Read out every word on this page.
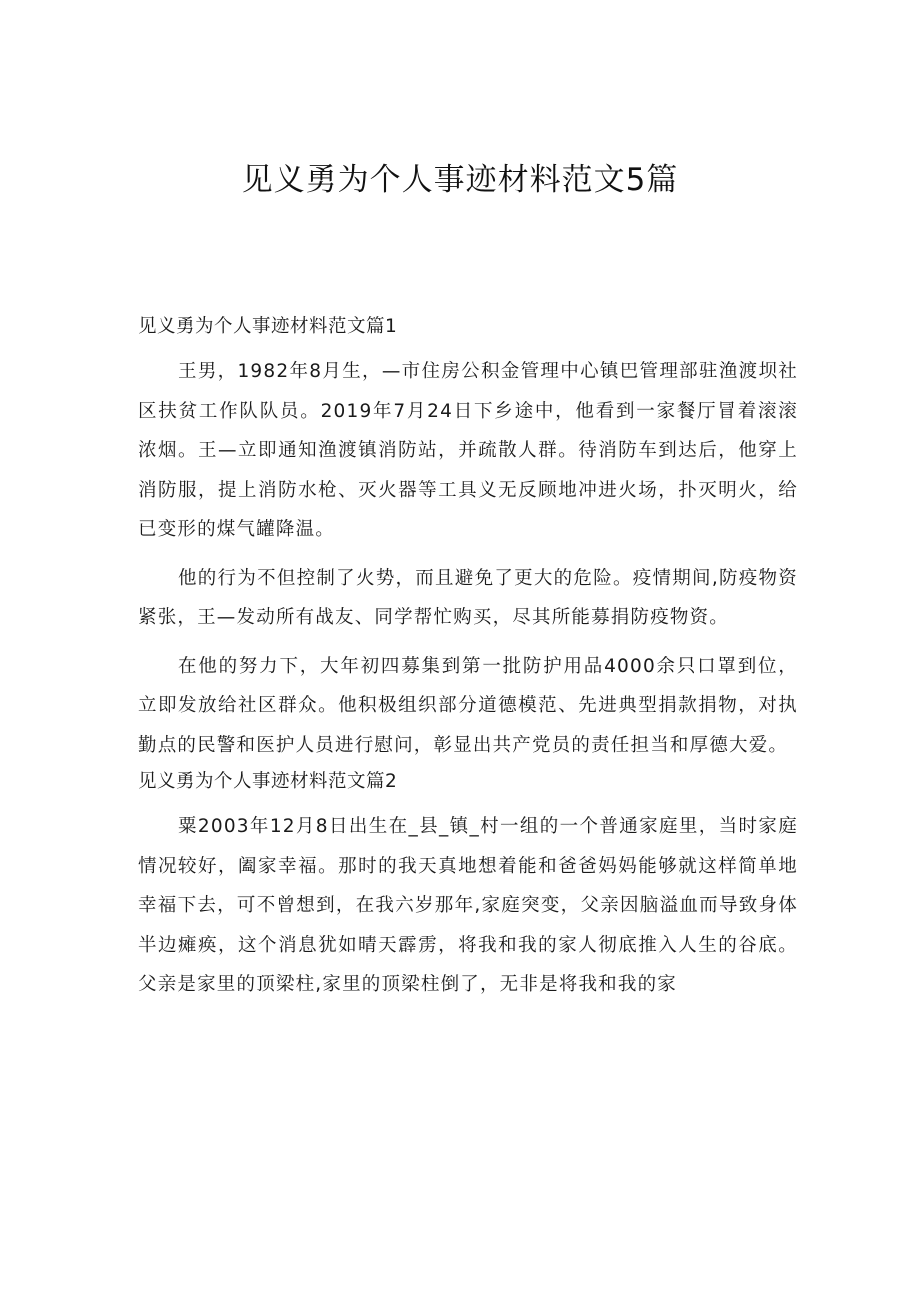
见义勇为个人事迹材料范文5篇

见义勇为个人事迹材料范文篇1

王男，1982年8月生，—市住房公积金管理中心镇巴管理部驻渔渡坝社区扶贫工作队队员。2019年7月24日下乡途中，他看到一家餐厅冒着滚滚浓烟。王—立即通知渔渡镇消防站，并疏散人群。待消防车到达后，他穿上消防服，提上消防水枪、灭火器等工具义无反顾地冲进火场，扑灭明火，给已变形的煤气罐降温。

他的行为不但控制了火势，而且避免了更大的危险。疫情期间,防疫物资紧张，王—发动所有战友、同学帮忙购买，尽其所能募捐防疫物资。

在他的努力下，大年初四募集到第一批防护用品4000余只口罩到位，立即发放给社区群众。他积极组织部分道德模范、先进典型捐款捐物，对执勤点的民警和医护人员进行慰问，彰显出共产党员的责任担当和厚德大爱。

见义勇为个人事迹材料范文篇2

粟2003年12月8日出生在_县_镇_村一组的一个普通家庭里，当时家庭情况较好，阖家幸福。那时的我天真地想着能和爸爸妈妈能够就这样简单地幸福下去，可不曾想到，在我六岁那年,家庭突变，父亲因脑溢血而导致身体半边瘫痪，这个消息犹如晴天霹雳，将我和我的家人彻底推入人生的谷底。父亲是家里的顶梁柱,家里的顶梁柱倒了，无非是将我和我的家
